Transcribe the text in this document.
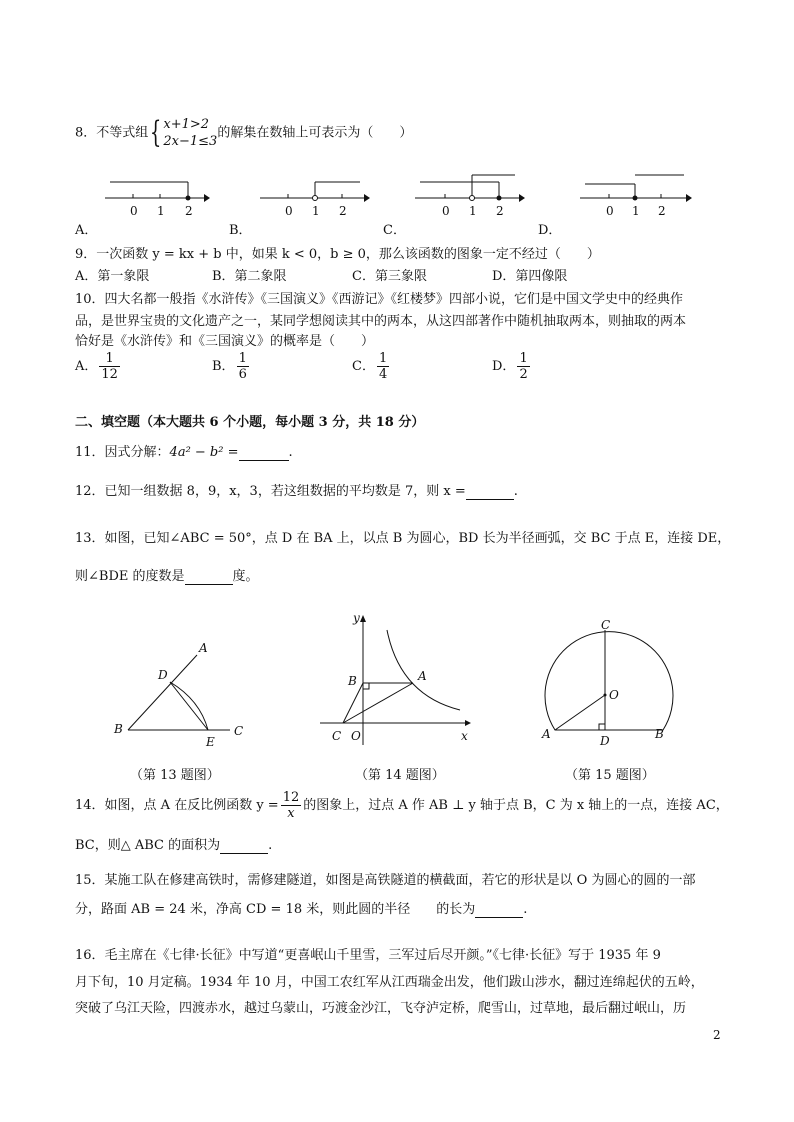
8．不等式组{ x+1>2
2x−1≤3
的解集在数轴上可表示为（　　）
0 1 2	0 1 2	0 1 2	0 1 2
A．	B．	C．	D．
9．一次函数 y = kx + b 中，如果 k < 0，b ≥ 0，那么该函数的图象一定不经过（　　）
A．第一象限	B．第二象限	C．第三象限	D．第四像限
10．四大名都一般指《水浒传》《三国演义》《西游记》《红楼梦》四部小说，它们是中国文学史中的经典作
品，是世界宝贵的文化遗产之一，某同学想阅读其中的两本，从这四部著作中随机抽取两本，则抽取的两本
恰好是《水浒传》和《三国演义》的概率是（　　）
A． $\frac{1}{12}$	B． $\frac{1}{6}$	C． $\frac{1}{4}$	D． $\frac{1}{2}$
二、填空题（本大题共 6 个小题，每小题 3 分，共 18 分）
11．因式分解：4a² − b² =	.
12．已知一组数据 8，9，x，3，若这组数据的平均数是 7，则 x =	.
13．如图，已知∠ABC = 50°，点 D 在 BA 上，以点 B 为圆心，BD 长为半径画弧，交 BC 于点 E，连接 DE，
则∠BDE 的度数是	度。
A
D
B	C
E
（第 13 题图）
y
A
B
C O	x
（第 14 题图）
C
O
A	D	B
（第 15 题图）
14．如图，点 A 在反比例函数 $y = \frac{12}{x}$ 的图象上，过点 A 作 AB ⊥ y 轴于点 B，C 为 x 轴上的一点，连接 AC，
BC，则△ ABC 的面积为	.
15．某施工队在修建高铁时，需修建隧道，如图是高铁隧道的横截面，若它的形状是以 O 为圆心的圆的一部
分，路面 AB = 24 米，净高 CD = 18 米，则此圆的半径　　的长为	.
16．毛主席在《七律·长征》中写道“更喜岷山千里雪，三军过后尽开颜。”《七律·长征》写于 1935 年 9
月下旬，10 月定稿。1934 年 10 月，中国工农红军从江西瑞金出发，他们跋山涉水，翻过连绵起伏的五岭，
突破了乌江天险，四渡赤水，越过乌蒙山，巧渡金沙江，飞夺泸定桥，爬雪山，过草地，最后翻过岷山，历
2
